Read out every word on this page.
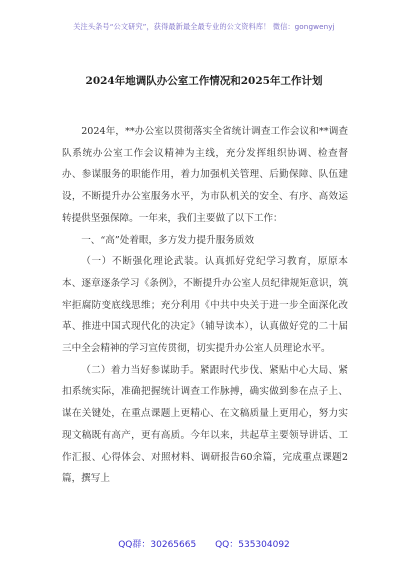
关注头条号“公文研究”，获得最新最全最专业的公文资料库！ 微信：gongwenyj
2024年地调队办公室工作情况和2025年工作计划

2024年，**办公室以贯彻落实全省统计调查工作会议和**调查队系统办公室工作会议精神为主线，充分发挥组织协调、检查督办、参谋服务的职能作用，着力加强机关管理、后勤保障、队伍建设，不断提升办公室服务水平，为市队机关的安全、有序、高效运转提供坚强保障。一年来，我们主要做了以下工作：

一、“高”处着眼，多方发力提升服务质效

（一）不断强化理论武装。认真抓好党纪学习教育，原原本本、逐章逐条学习《条例》，不断提升办公室人员纪律规矩意识，筑牢拒腐防变底线思维；充分利用《中共中央关于进一步全面深化改革、推进中国式现代化的决定》（辅导读本），认真做好党的二十届三中全会精神的学习宣传贯彻，切实提升办公室人员理论水平。

（二）着力当好参谋助手。紧跟时代步伐、紧贴中心大局、紧扣系统实际，准确把握统计调查工作脉搏，确实做到参在点子上、谋在关键处，在重点课题上更精心、在文稿质量上更用心，努力实现文稿既有高产，更有高质。今年以来，共起草主要领导讲话、工作汇报、心得体会、对照材料、调研报告60余篇，完成重点课题2篇，撰写上

QQ群：30265665 QQ：535304092
